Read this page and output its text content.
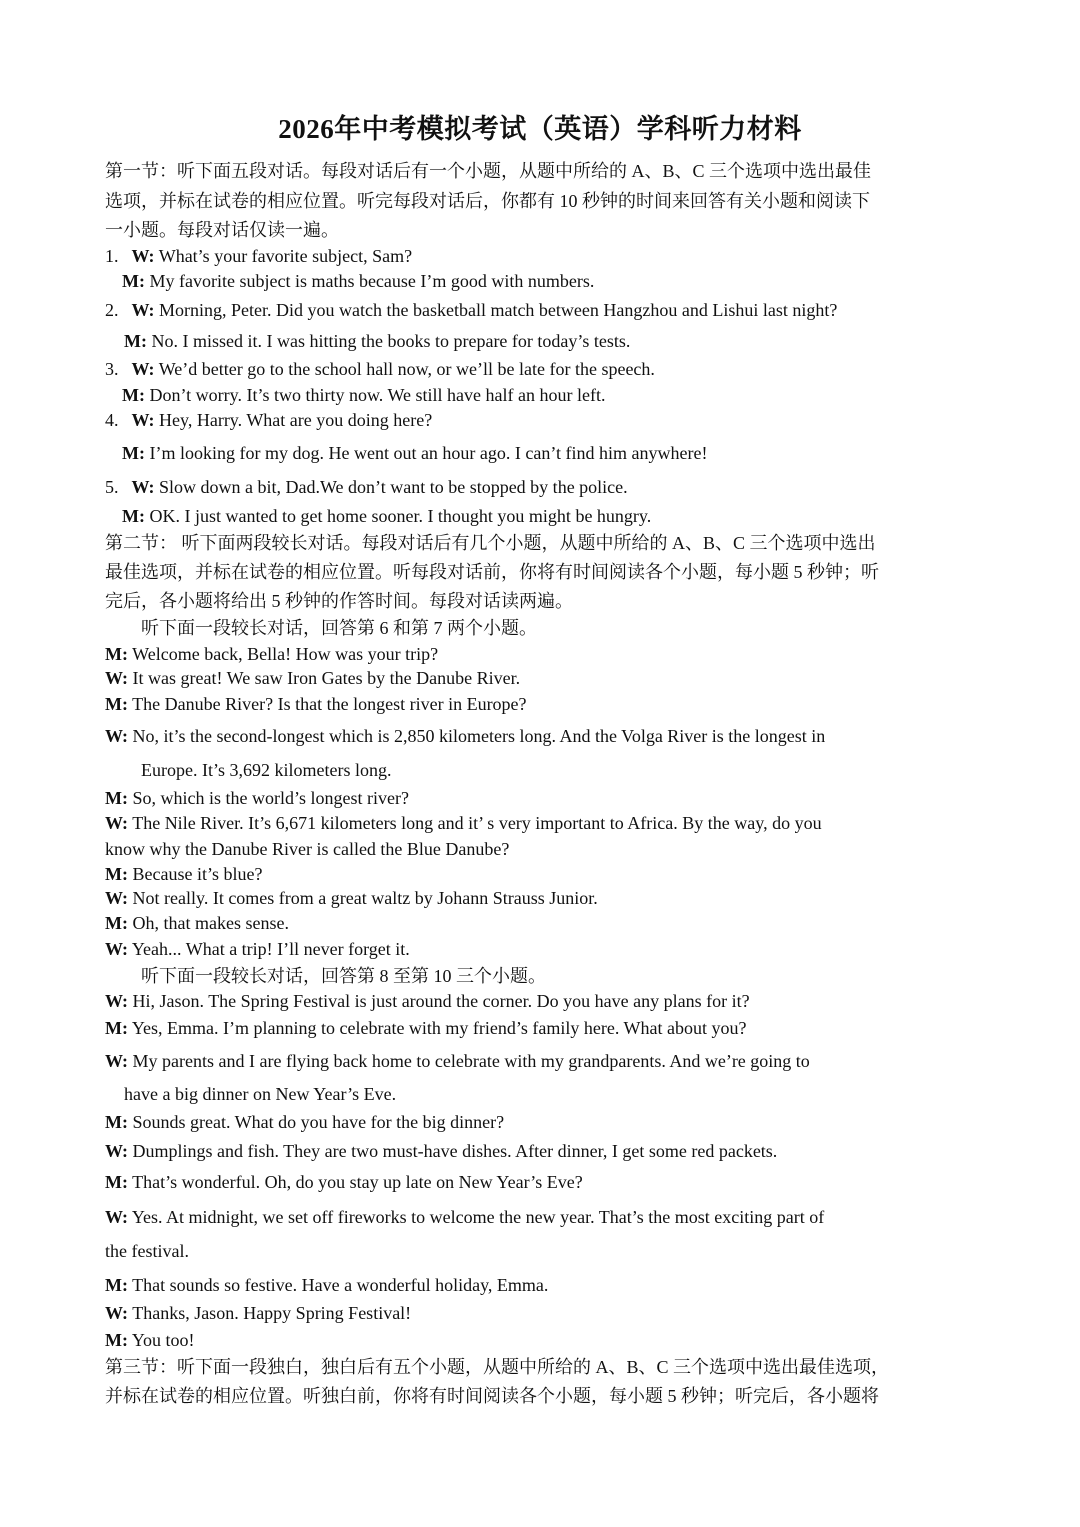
2026年中考模拟考试（英语）学科听力材料
第一节：听下面五段对话。每段对话后有一个小题，从题中所给的 A、B、C 三个选项中选出最佳
选项，并标在试卷的相应位置。听完每段对话后，你都有 10 秒钟的时间来回答有关小题和阅读下
一小题。每段对话仅读一遍。
1. W: What’s your favorite subject, Sam?
M: My favorite subject is maths because I’m good with numbers.
2. W: Morning, Peter. Did you watch the basketball match between Hangzhou and Lishui last night?
M: No. I missed it. I was hitting the books to prepare for today’s tests.
3. W: We’d better go to the school hall now, or we’ll be late for the speech.
M: Don’t worry. It’s two thirty now. We still have half an hour left.
4. W: Hey, Harry. What are you doing here?
M: I’m looking for my dog. He went out an hour ago. I can’t find him anywhere!
5. W: Slow down a bit, Dad.We don’t want to be stopped by the police.
M: OK. I just wanted to get home sooner. I thought you might be hungry.
第二节： 听下面两段较长对话。每段对话后有几个小题，从题中所给的 A、B、C 三个选项中选出
最佳选项，并标在试卷的相应位置。听每段对话前，你将有时间阅读各个小题，每小题 5 秒钟；听
完后，各小题将给出 5 秒钟的作答时间。每段对话读两遍。
听下面一段较长对话，回答第 6 和第 7 两个小题。
M: Welcome back, Bella! How was your trip?
W: It was great! We saw Iron Gates by the Danube River.
M: The Danube River? Is that the longest river in Europe?
W: No, it’s the second-longest which is 2,850 kilometers long. And the Volga River is the longest in
Europe. It’s 3,692 kilometers long.
M: So, which is the world’s longest river?
W: The Nile River. It’s 6,671 kilometers long and it’ s very important to Africa. By the way, do you
know why the Danube River is called the Blue Danube?
M: Because it’s blue?
W: Not really. It comes from a great waltz by Johann Strauss Junior.
M: Oh, that makes sense.
W: Yeah... What a trip! I’ll never forget it.
听下面一段较长对话，回答第 8 至第 10 三个小题。
W: Hi, Jason. The Spring Festival is just around the corner. Do you have any plans for it?
M: Yes, Emma. I’m planning to celebrate with my friend’s family here. What about you?
W: My parents and I are flying back home to celebrate with my grandparents. And we’re going to
have a big dinner on New Year’s Eve.
M: Sounds great. What do you have for the big dinner?
W: Dumplings and fish. They are two must-have dishes. After dinner, I get some red packets.
M: That’s wonderful. Oh, do you stay up late on New Year’s Eve?
W: Yes. At midnight, we set off fireworks to welcome the new year. That’s the most exciting part of
the festival.
M: That sounds so festive. Have a wonderful holiday, Emma.
W: Thanks, Jason. Happy Spring Festival!
M: You too!
第三节：听下面一段独白，独白后有五个小题，从题中所给的 A、B、C 三个选项中选出最佳选项，
并标在试卷的相应位置。听独白前，你将有时间阅读各个小题，每小题 5 秒钟；听完后，各小题将
